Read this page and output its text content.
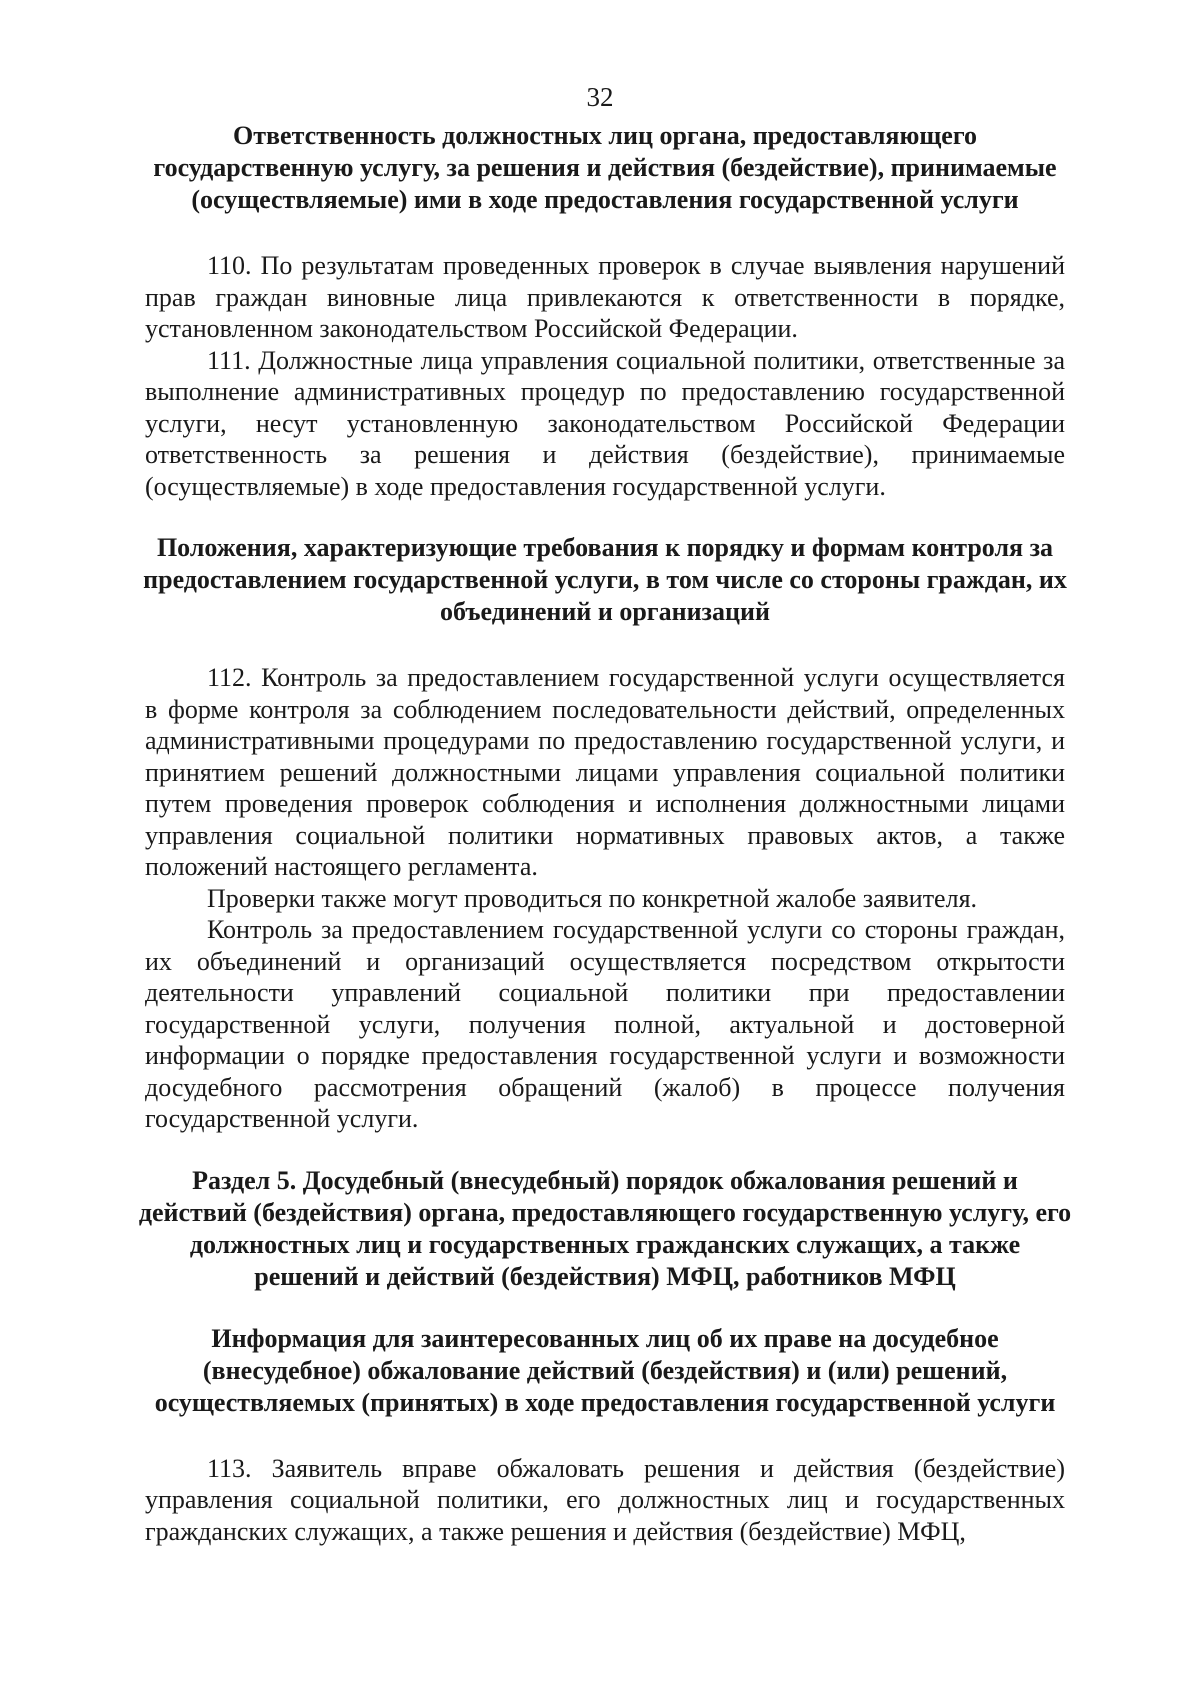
32
Ответственность должностных лиц органа, предоставляющего государственную услугу, за решения и действия (бездействие), принимаемые (осуществляемые) ими в ходе предоставления государственной услуги

110. По результатам проведенных проверок в случае выявления нарушений прав граждан виновные лица привлекаются к ответственности в порядке, установленном законодательством Российской Федерации.

111. Должностные лица управления социальной политики, ответственные за выполнение административных процедур по предоставлению государственной услуги, несут установленную законодательством Российской Федерации ответственность за решения и действия (бездействие), принимаемые (осуществляемые) в ходе предоставления государственной услуги.

Положения, характеризующие требования к порядку и формам контроля за предоставлением государственной услуги, в том числе со стороны граждан, их объединений и организаций

112. Контроль за предоставлением государственной услуги осуществляется в форме контроля за соблюдением последовательности действий, определенных административными процедурами по предоставлению государственной услуги, и принятием решений должностными лицами управления социальной политики путем проведения проверок соблюдения и исполнения должностными лицами управления социальной политики нормативных правовых актов, а также положений настоящего регламента.

Проверки также могут проводиться по конкретной жалобе заявителя.

Контроль за предоставлением государственной услуги со стороны граждан, их объединений и организаций осуществляется посредством открытости деятельности управлений социальной политики при предоставлении государственной услуги, получения полной, актуальной и достоверной информации о порядке предоставления государственной услуги и возможности досудебного рассмотрения обращений (жалоб) в процессе получения государственной услуги.

Раздел 5. Досудебный (внесудебный) порядок обжалования решений и действий (бездействия) органа, предоставляющего государственную услугу, его должностных лиц и государственных гражданских служащих, а также решений и действий (бездействия) МФЦ, работников МФЦ
Информация для заинтересованных лиц об их праве на досудебное (внесудебное) обжалование действий (бездействия) и (или) решений, осуществляемых (принятых) в ходе предоставления государственной услуги

113. Заявитель вправе обжаловать решения и действия (бездействие) управления социальной политики, его должностных лиц и государственных гражданских служащих, а также решения и действия (бездействие) МФЦ,
